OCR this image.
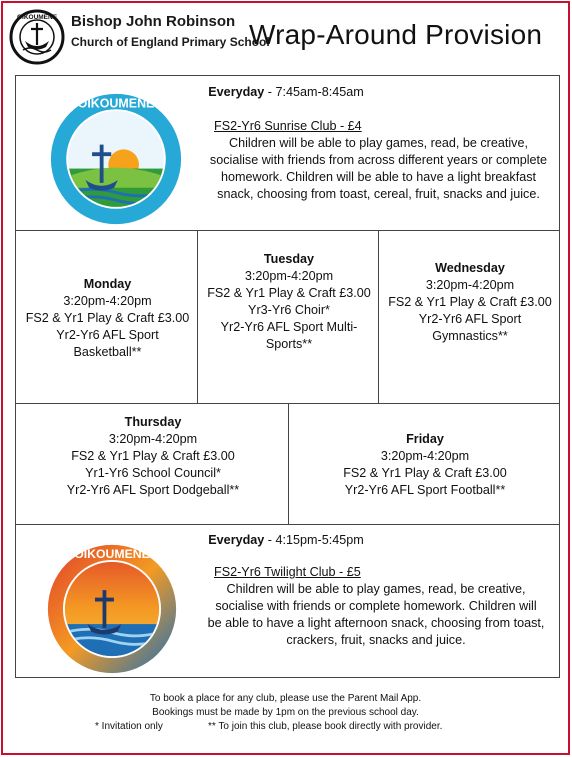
OIKOUMENE Bishop John Robinson
Church of England Primary School
Wrap-Around Provision
OIKOUMENE
Everyday - 7:45am-8:45am
FS2-Yr6 Sunrise Club - £4
Children will be able to play games, read, be creative,
socialise with friends from across different years or complete
homework. Children will be able to have a light breakfast
snack, choosing from toast, cereal, fruit, snacks and juice.
Monday
3:20pm-4:20pm
FS2 & Yr1 Play & Craft £3.00
Yr2-Yr6 AFL Sport
Basketball**
Tuesday
3:20pm-4:20pm
FS2 & Yr1 Play & Craft £3.00
Yr3-Yr6 Choir*
Yr2-Yr6 AFL Sport Multi-
Sports**
Wednesday
3:20pm-4:20pm
FS2 & Yr1 Play & Craft £3.00
Yr2-Yr6 AFL Sport
Gymnastics**
Thursday
3:20pm-4:20pm
FS2 & Yr1 Play & Craft £3.00
Yr1-Yr6 School Council*
Yr2-Yr6 AFL Sport Dodgeball**
Friday
3:20pm-4:20pm
FS2 & Yr1 Play & Craft £3.00
Yr2-Yr6 AFL Sport Football**
OIKOUMENE
Everyday - 4:15pm-5:45pm
FS2-Yr6 Twilight Club - £5
Children will be able to play games, read, be creative,
socialise with friends or complete homework. Children will
be able to have a light afternoon snack, choosing from toast,
crackers, fruit, snacks and juice.
To book a place for any club, please use the Parent Mail App.
Bookings must be made by 1pm on the previous school day.
* Invitation only	** To join this club, please book directly with provider.
